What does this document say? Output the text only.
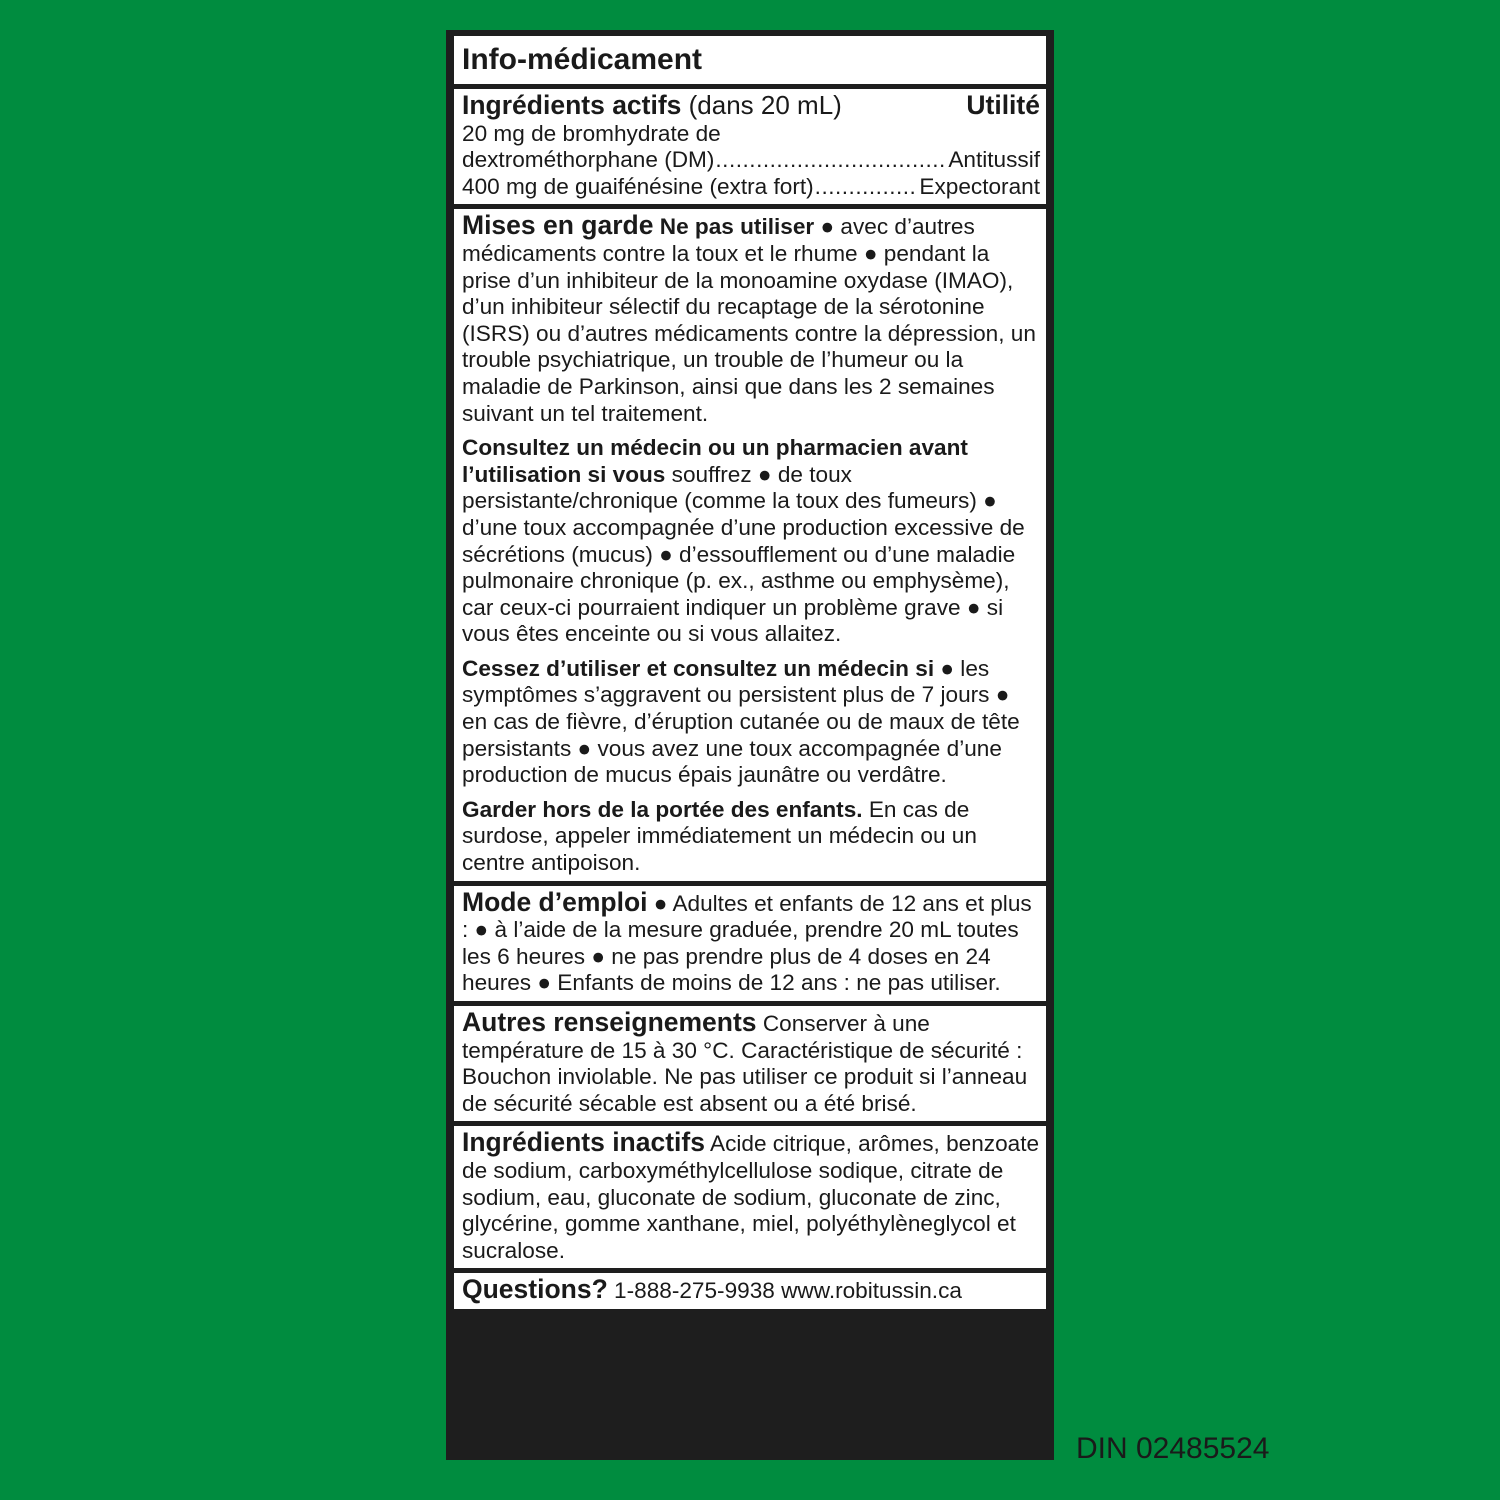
Info-médicament
Ingrédients actifs (dans 20 mL)	Utilité
20 mg de bromhydrate de
dextrométhorphane (DM) .....	Antitussif
400 mg de guaifénésine (extra fort) .....	Expectorant

Mises en garde Ne pas utiliser ● avec d’autres médicaments contre la toux et le rhume ● pendant la prise d’un inhibiteur de la monoamine oxydase (IMAO), d’un inhibiteur sélectif du recaptage de la sérotonine (ISRS) ou d’autres médicaments contre la dépression, un trouble psychiatrique, un trouble de l’humeur ou la maladie de Parkinson, ainsi que dans les 2 semaines suivant un tel traitement.

Consultez un médecin ou un pharmacien avant l’utilisation si vous souffrez ● de toux persistante/chronique (comme la toux des fumeurs) ● d’une toux accompagnée d’une production excessive de sécrétions (mucus) ● d’essoufflement ou d’une maladie pulmonaire chronique (p. ex., asthme ou emphysème), car ceux-ci pourraient indiquer un problème grave ● si vous êtes enceinte ou si vous allaitez.

Cessez d’utiliser et consultez un médecin si ● les symptômes s’aggravent ou persistent plus de 7 jours ● en cas de fièvre, d’éruption cutanée ou de maux de tête persistants ● vous avez une toux accompagnée d’une production de mucus épais jaunâtre ou verdâtre.

Garder hors de la portée des enfants. En cas de surdose, appeler immédiatement un médecin ou un centre antipoison.

Mode d’emploi ● Adultes et enfants de 12 ans et plus : ● à l’aide de la mesure graduée, prendre 20 mL toutes les 6 heures ● ne pas prendre plus de 4 doses en 24 heures ● Enfants de moins de 12 ans : ne pas utiliser.

Autres renseignements Conserver à une température de 15 à 30 °C. Caractéristique de sécurité : Bouchon inviolable. Ne pas utiliser ce produit si l’anneau de sécurité sécable est absent ou a été brisé.

Ingrédients inactifs Acide citrique, arômes, benzoate de sodium, carboxyméthylcellulose sodique, citrate de sodium, eau, gluconate de sodium, gluconate de zinc, glycérine, gomme xanthane, miel, polyéthylèneglycol et sucralose.

Questions? 1-888-275-9938 www.robitussin.ca

DIN 02485524
